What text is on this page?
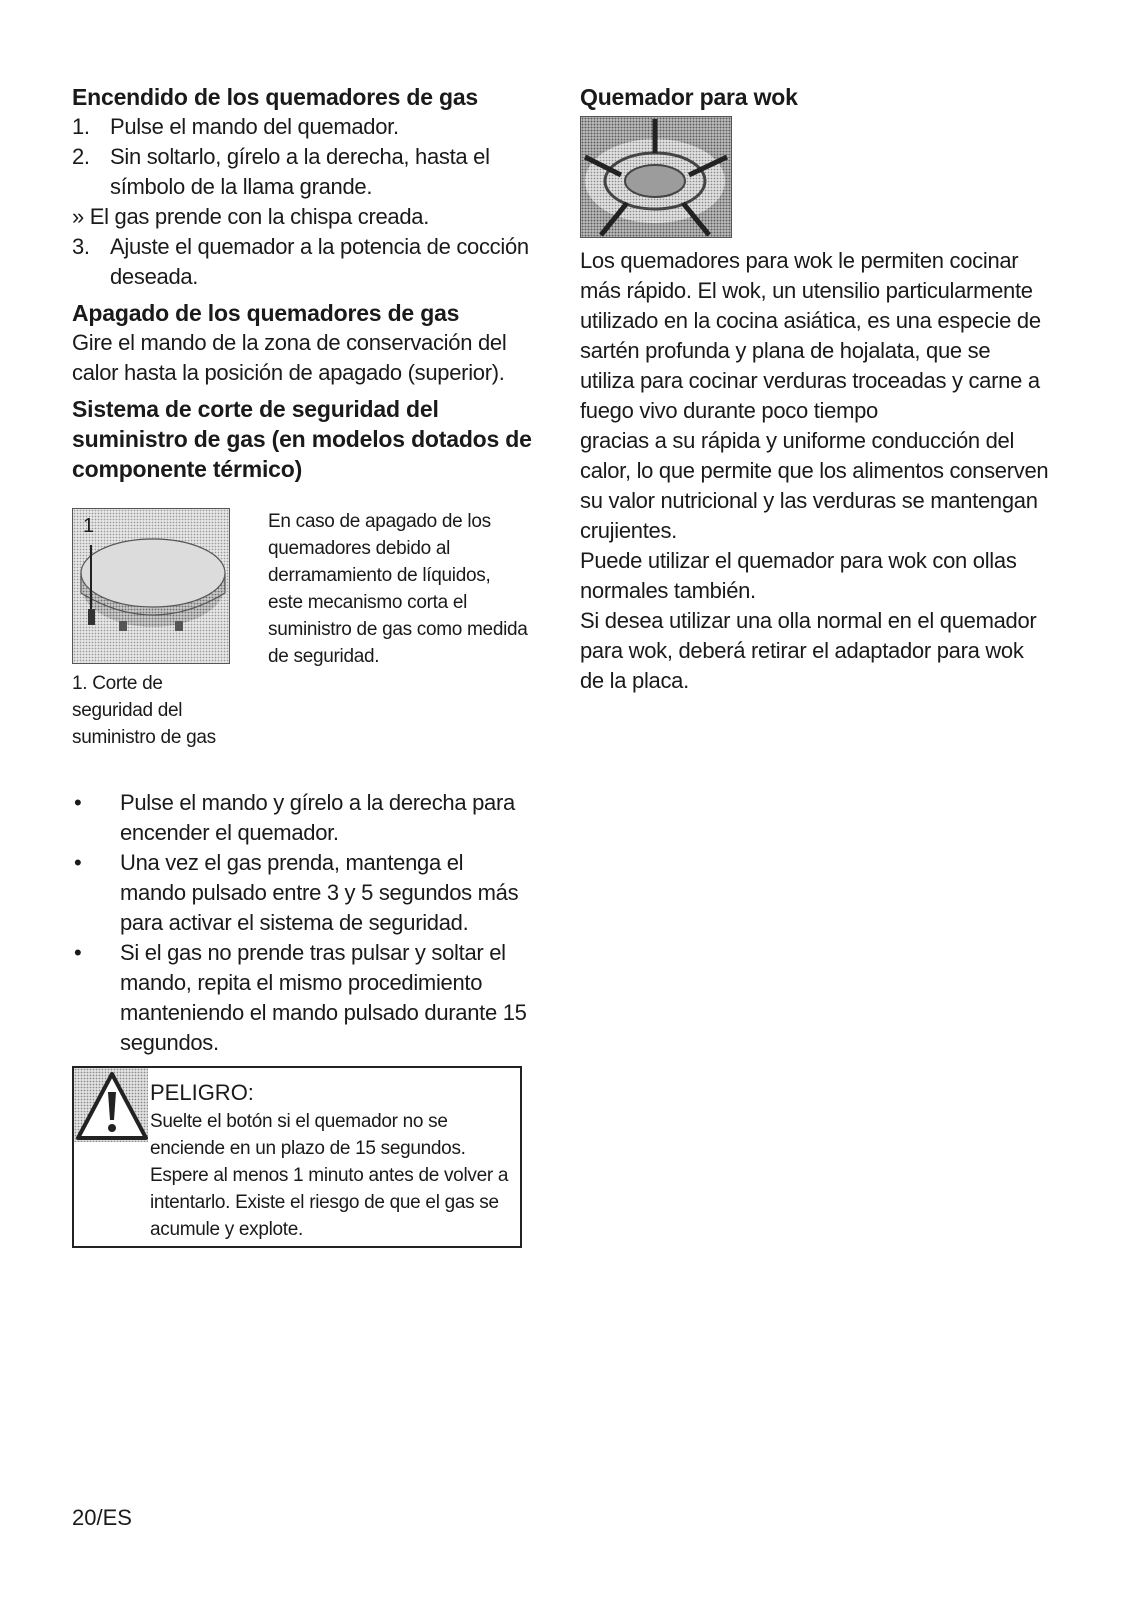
Encendido de los quemadores de gas
1. Pulse el mando del quemador.
2. Sin soltarlo, gírelo a la derecha, hasta el símbolo de la llama grande.
» El gas prende con la chispa creada.
3. Ajuste el quemador a la potencia de cocción deseada.
Apagado de los quemadores de gas

Gire el mando de la zona de conservación del calor hasta la posición de apagado (superior).

Sistema de corte de seguridad del suministro de gas (en modelos dotados de componente térmico)
1
1. Corte de seguridad del suministro de gas
En caso de apagado de los quemadores debido al derramamiento de líquidos, este mecanismo corta el suministro de gas como medida de seguridad.
• Pulse el mando y gírelo a la derecha para encender el quemador.
• Una vez el gas prenda, mantenga el mando pulsado entre 3 y 5 segundos más para activar el sistema de seguridad.
• Si el gas no prende tras pulsar y soltar el mando, repita el mismo procedimiento manteniendo el mando pulsado durante 15 segundos.
PELIGRO:
Suelte el botón si el quemador no se enciende en un plazo de 15 segundos. Espere al menos 1 minuto antes de volver a intentarlo. Existe el riesgo de que el gas se acumule y explote.
Quemador para wok

Los quemadores para wok le permiten cocinar más rápido. El wok, un utensilio particularmente utilizado en la cocina asiática, es una especie de sartén profunda y plana de hojalata, que se utiliza para cocinar verduras troceadas y carne a fuego vivo durante poco tiempo

gracias a su rápida y uniforme conducción del calor, lo que permite que los alimentos conserven su valor nutricional y las verduras se mantengan crujientes.

Puede utilizar el quemador para wok con ollas normales también.

Si desea utilizar una olla normal en el quemador para wok, deberá retirar el adaptador para wok de la placa.

20/ES
